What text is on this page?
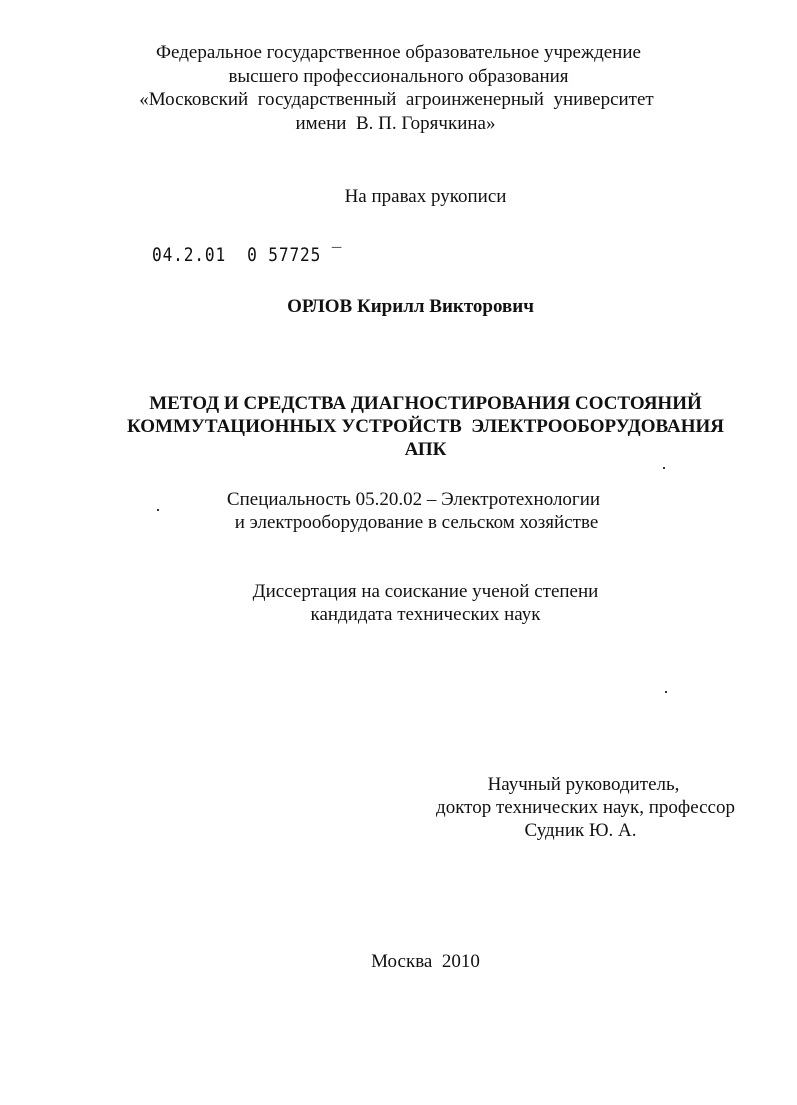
Федеральное государственное образовательное учреждение
высшего профессионального образования
«Московский  государственный  агроинженерный  университет
имени  В. П. Горячкина»
На правах рукописи
04.2.01  0 57725 ‾
ОРЛОВ Кирилл Викторович
МЕТОД И СРЕДСТВА ДИАГНОСТИРОВАНИЯ СОСТОЯНИЙ
КОММУТАЦИОННЫХ УСТРОЙСТВ  ЭЛЕКТРООБОРУДОВАНИЯ
АПК
Специальность 05.20.02 – Электротехнологии
и электрооборудование в сельском хозяйстве
Диссертация на соискание ученой степени
кандидата технических наук
Научный руководитель,
доктор технических наук, профессор
Судник Ю. А.
Москва  2010
